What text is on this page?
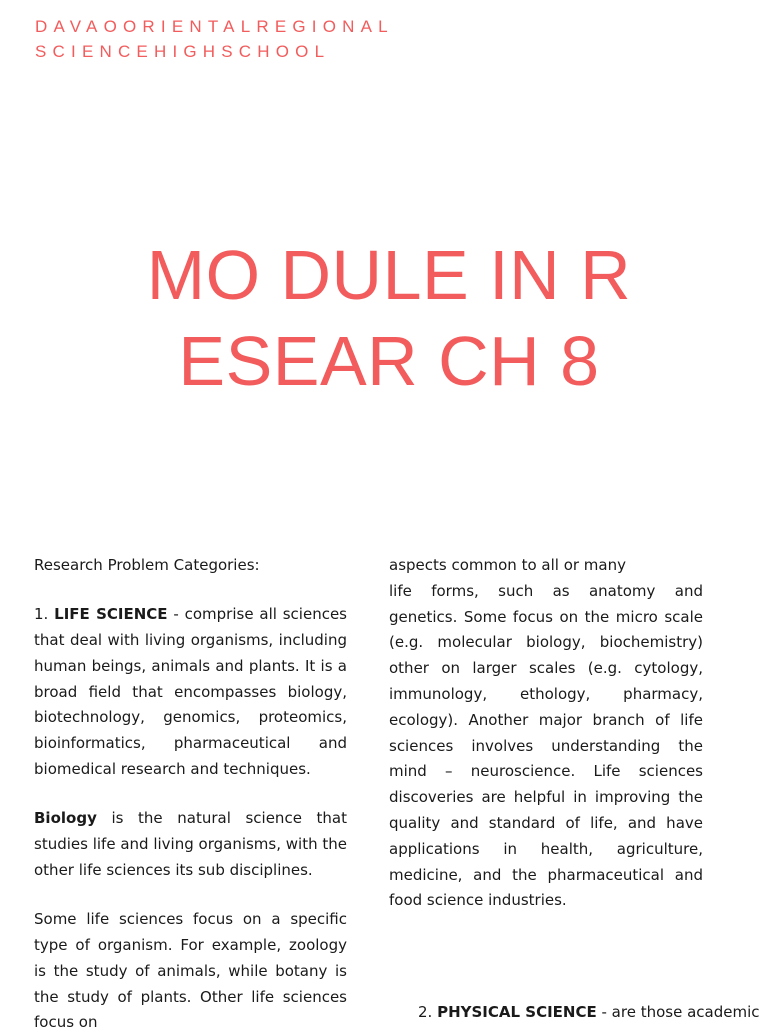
DAVAOORIENTALREGIONAL
SCIENCEHIGHSCHOOL
MO DULE IN R
ESEAR CH 8

Research Problem Categories:

1. LIFE SCIENCE - comprise all sciences that deal with living organisms, including human beings, animals and plants. It is a broad field that encompasses biology, biotechnology, genomics, proteomics, bioinformatics, pharmaceutical and biomedical research and techniques.

Biology is the natural science that studies life and living organisms, with the other life sciences its sub disciplines.

Some life sciences focus on a specific type of organism. For example, zoology is the study of animals, while botany is the study of plants. Other life sciences focus on

aspects common to all or many

life forms, such as anatomy and genetics. Some focus on the micro scale (e.g. molecular biology, biochemistry) other on larger scales (e.g. cytology, immunology, ethology, pharmacy, ecology). Another major branch of life sciences involves understanding the mind – neuroscience. Life sciences discoveries are helpful in improving the quality and standard of life, and have applications in health, agriculture, medicine, and the pharmaceutical and food science industries.

2. PHYSICAL SCIENCE - are those academic
